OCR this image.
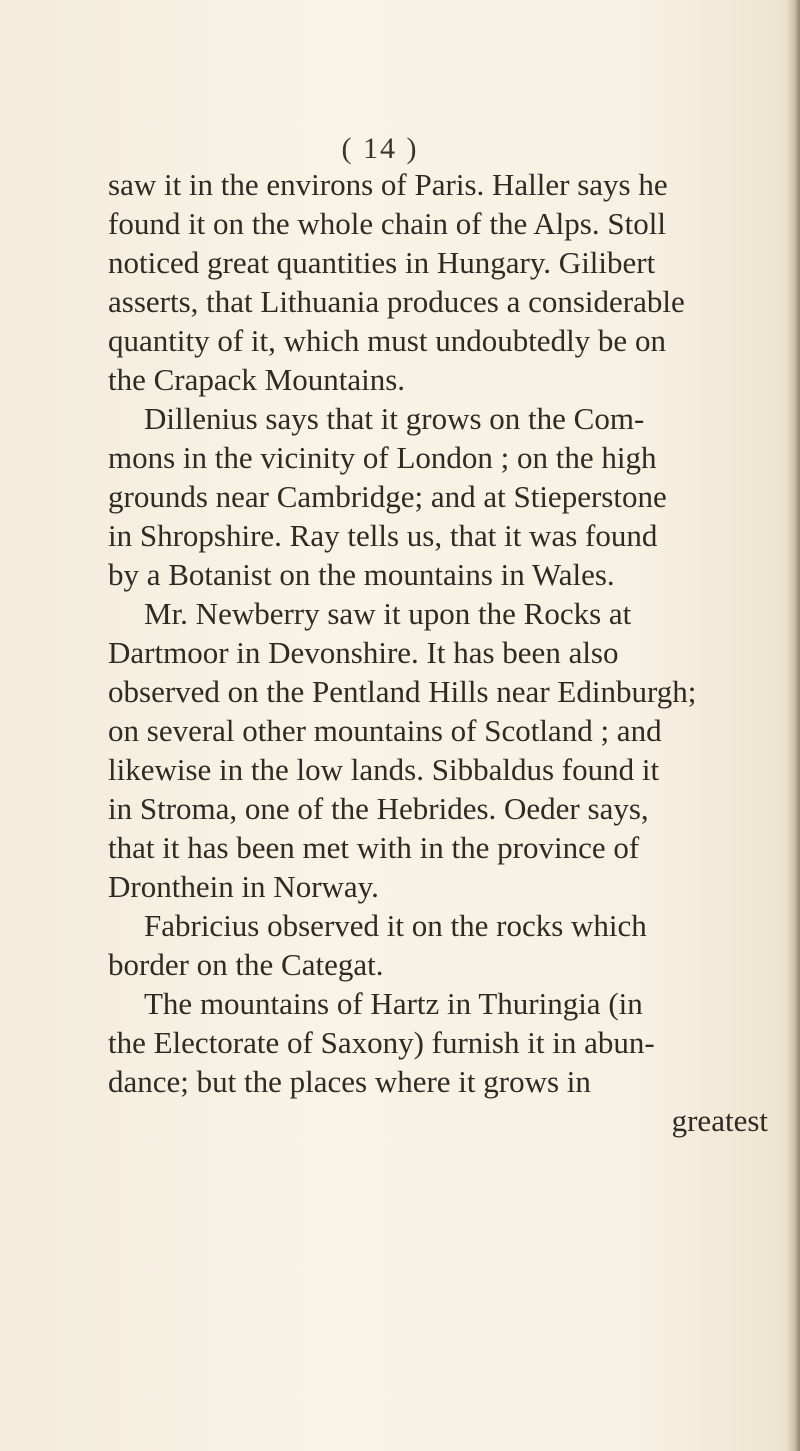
( 14 )
saw it in the environs of Paris. Haller says he
found it on the whole chain of the Alps. Stoll
noticed great quantities in Hungary. Gilibert
asserts, that Lithuania produces a considerable
quantity of it, which must undoubtedly be on
the Crapack Mountains.
Dillenius says that it grows on the Com-
mons in the vicinity of London ; on the high
grounds near Cambridge; and at Stieperstone
in Shropshire. Ray tells us, that it was found
by a Botanist on the mountains in Wales.
Mr. Newberry saw it upon the Rocks at
Dartmoor in Devonshire. It has been also
observed on the Pentland Hills near Edinburgh;
on several other mountains of Scotland ; and
likewise in the low lands. Sibbaldus found it
in Stroma, one of the Hebrides. Oeder says,
that it has been met with in the province of
Dronthein in Norway.
Fabricius observed it on the rocks which
border on the Categat.
The mountains of Hartz in Thuringia (in
the Electorate of Saxony) furnish it in abun-
dance; but the places where it grows in
greatest
